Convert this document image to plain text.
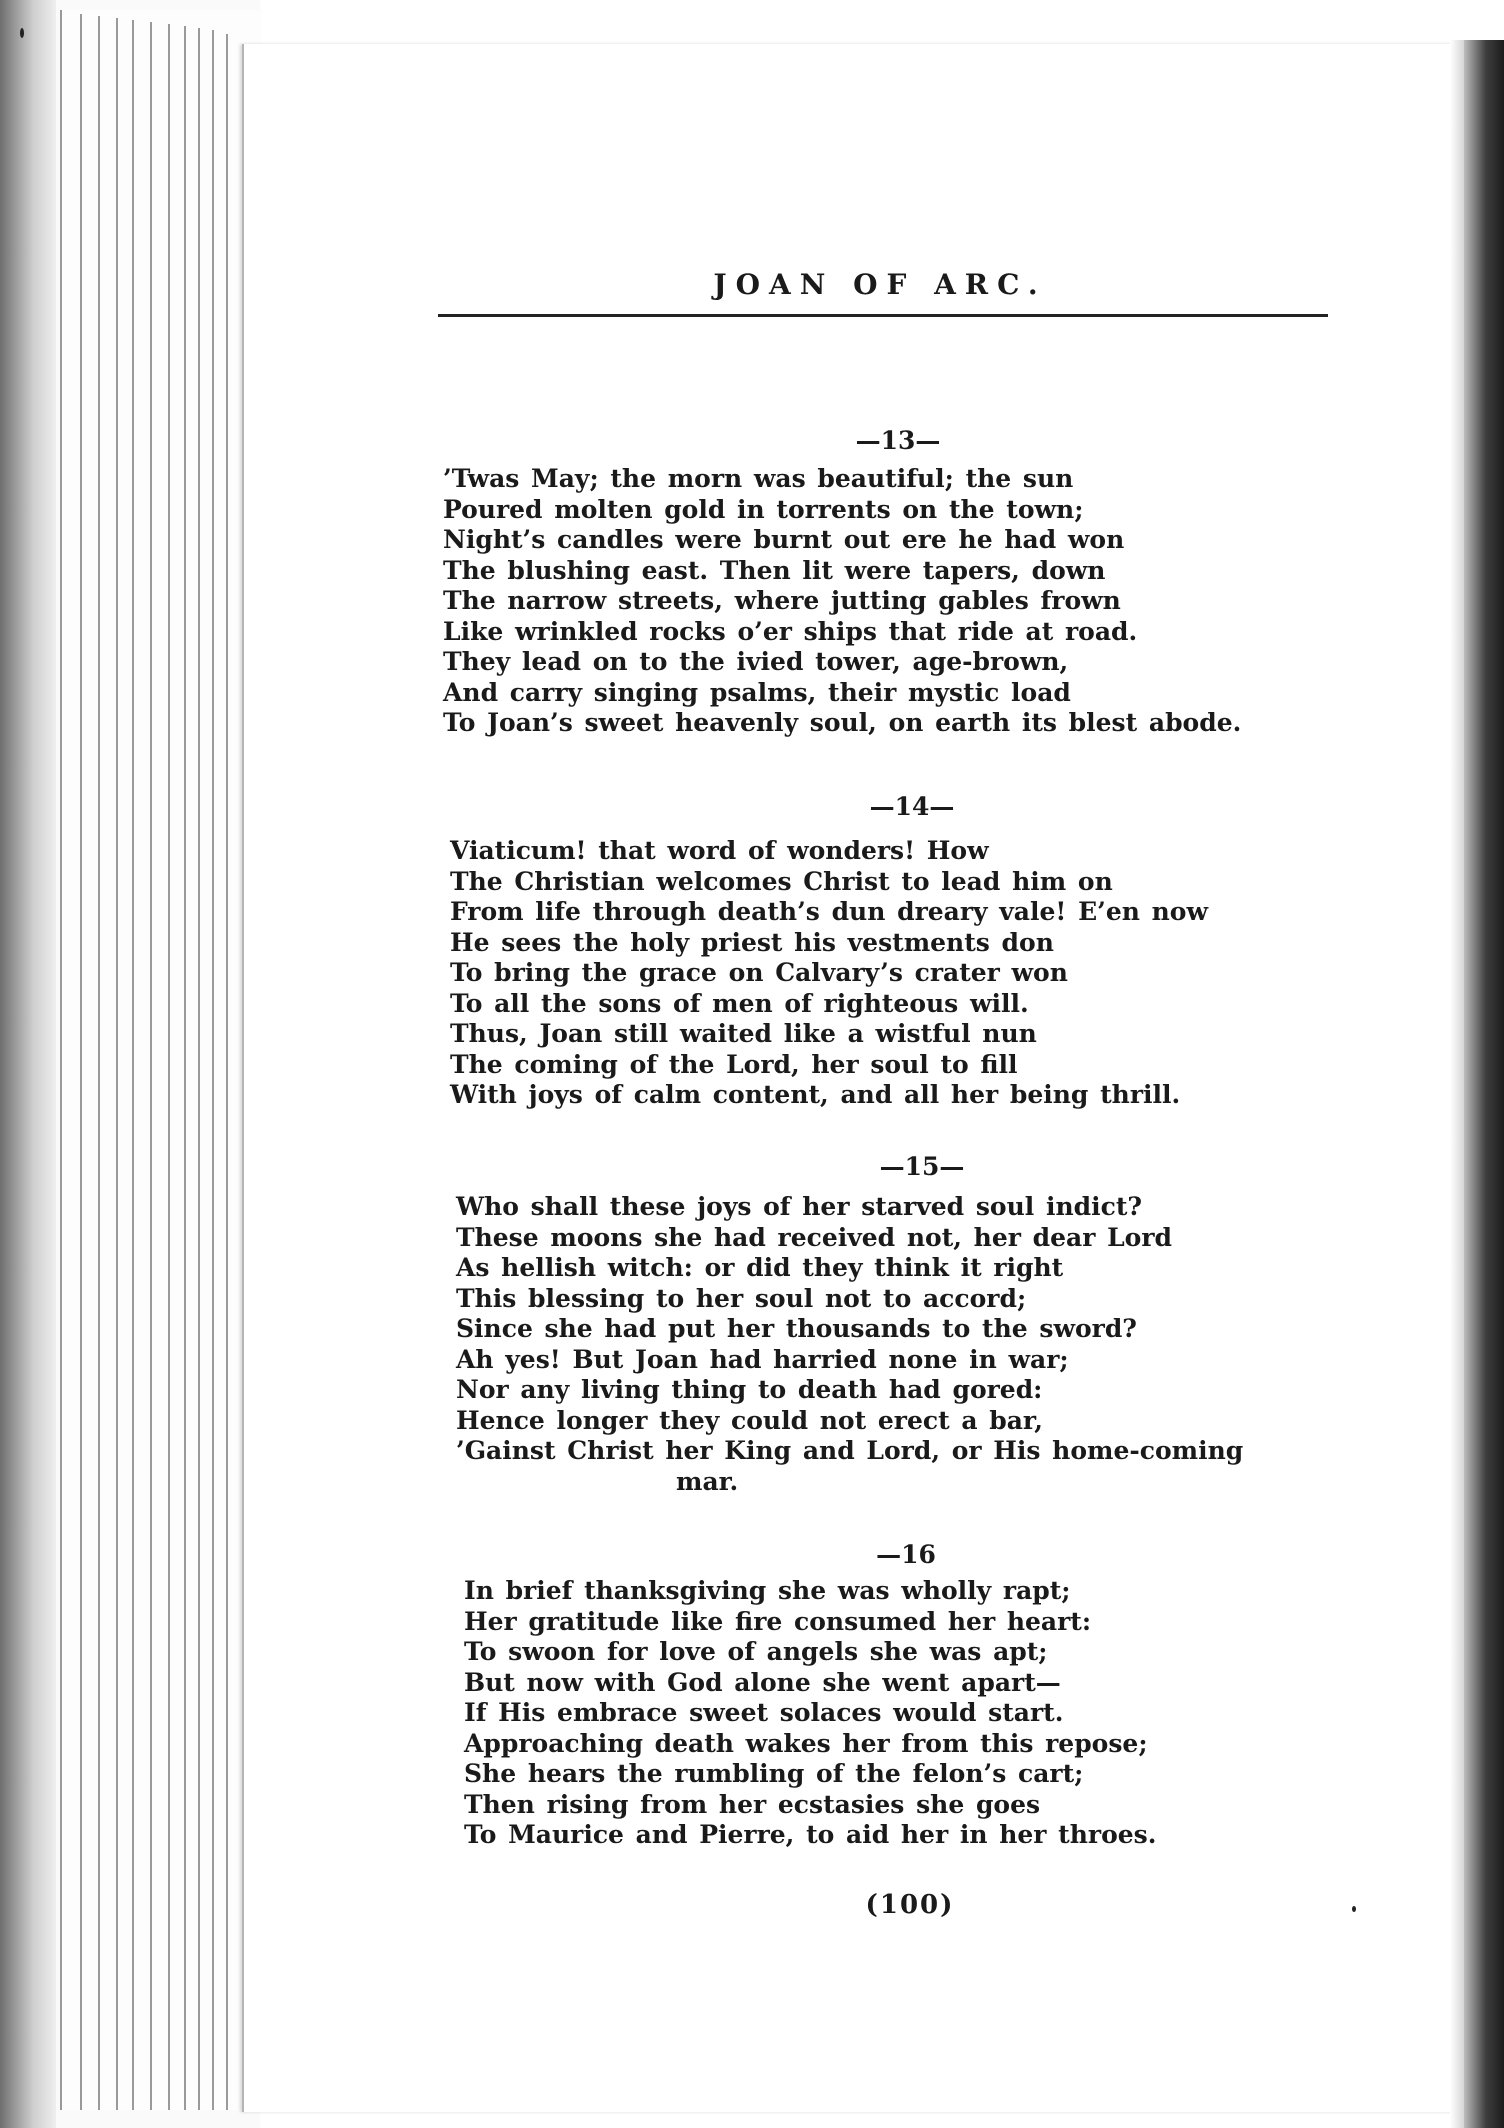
JOAN OF ARC.
—13—
’Twas May; the morn was beautiful; the sun
Poured molten gold in torrents on the town;
Night’s candles were burnt out ere he had won
The blushing east. Then lit were tapers, down
The narrow streets, where jutting gables frown
Like wrinkled rocks o’er ships that ride at road.
They lead on to the ivied tower, age-brown,
And carry singing psalms, their mystic load
To Joan’s sweet heavenly soul, on earth its blest abode.
—14—
Viaticum! that word of wonders! How
The Christian welcomes Christ to lead him on
From life through death’s dun dreary vale! E’en now
He sees the holy priest his vestments don
To bring the grace on Calvary’s crater won
To all the sons of men of righteous will.
Thus, Joan still waited like a wistful nun
The coming of the Lord, her soul to fill
With joys of calm content, and all her being thrill.
—15—
Who shall these joys of her starved soul indict?
These moons she had received not, her dear Lord
As hellish witch: or did they think it right
This blessing to her soul not to accord;
Since she had put her thousands to the sword?
Ah yes! But Joan had harried none in war;
Nor any living thing to death had gored:
Hence longer they could not erect a bar,
’Gainst Christ her King and Lord, or His home-coming
mar.
—16
In brief thanksgiving she was wholly rapt;
Her gratitude like fire consumed her heart:
To swoon for love of angels she was apt;
But now with God alone she went apart—
If His embrace sweet solaces would start.
Approaching death wakes her from this repose;
She hears the rumbling of the felon’s cart;
Then rising from her ecstasies she goes
To Maurice and Pierre, to aid her in her throes.
(100)
